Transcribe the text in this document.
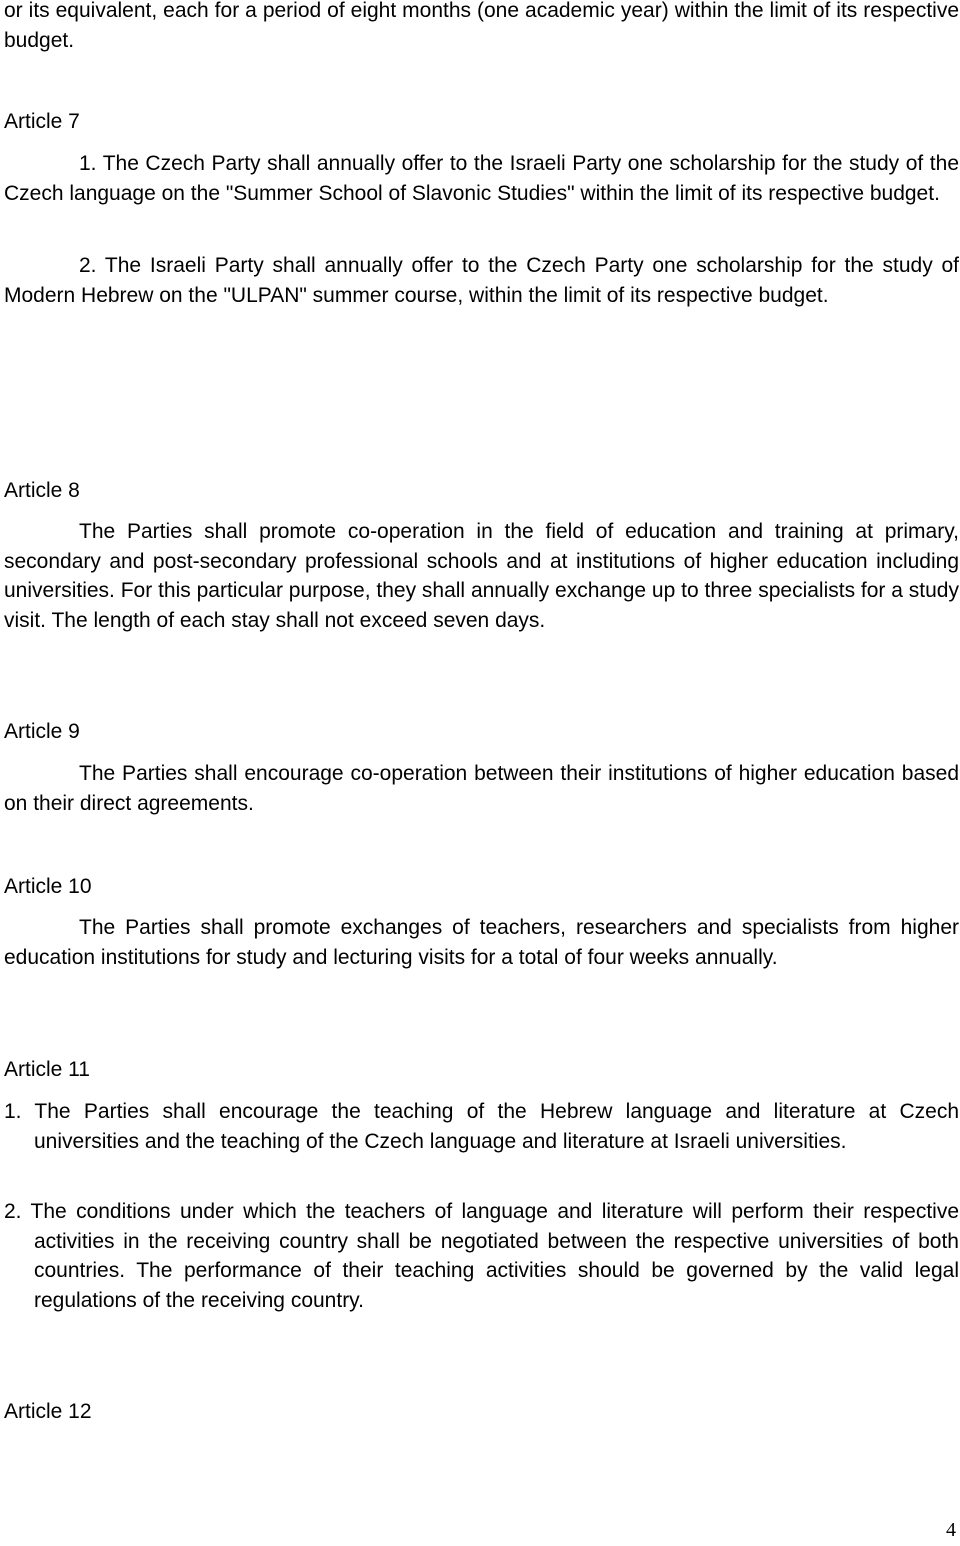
or its equivalent, each for a period of eight months (one academic year) within the limit of its respective budget.

Article 7

1. The Czech Party shall annually offer to the Israeli Party one scholarship for the study of the Czech language on the "Summer School of Slavonic Studies" within the limit of its respective budget.

2. The Israeli Party shall annually offer to the Czech Party one scholarship for the study of Modern Hebrew on the "ULPAN" summer course, within the limit of its respective budget.

Article 8

The Parties shall promote co-operation in the field of education and training at primary, secondary and post-secondary professional schools and at institutions of higher education including universities. For this particular purpose, they shall annually exchange up to three specialists for a study visit. The length of each stay shall not exceed seven days.

Article 9

The Parties shall encourage co-operation between their institutions of higher education based on their direct agreements.

Article 10

The Parties shall promote exchanges of teachers, researchers and specialists from higher education institutions for study and lecturing visits for a total of four weeks annually.

Article 11

1. The Parties shall encourage the teaching of the Hebrew language and literature at Czech universities and the teaching of the Czech language and literature at Israeli universities.

2. The conditions under which the teachers of language and literature will perform their respective activities in the receiving country shall be negotiated between the respective universities of both countries. The performance of their teaching activities should be governed by the valid legal regulations of the receiving country.

Article 12

4
